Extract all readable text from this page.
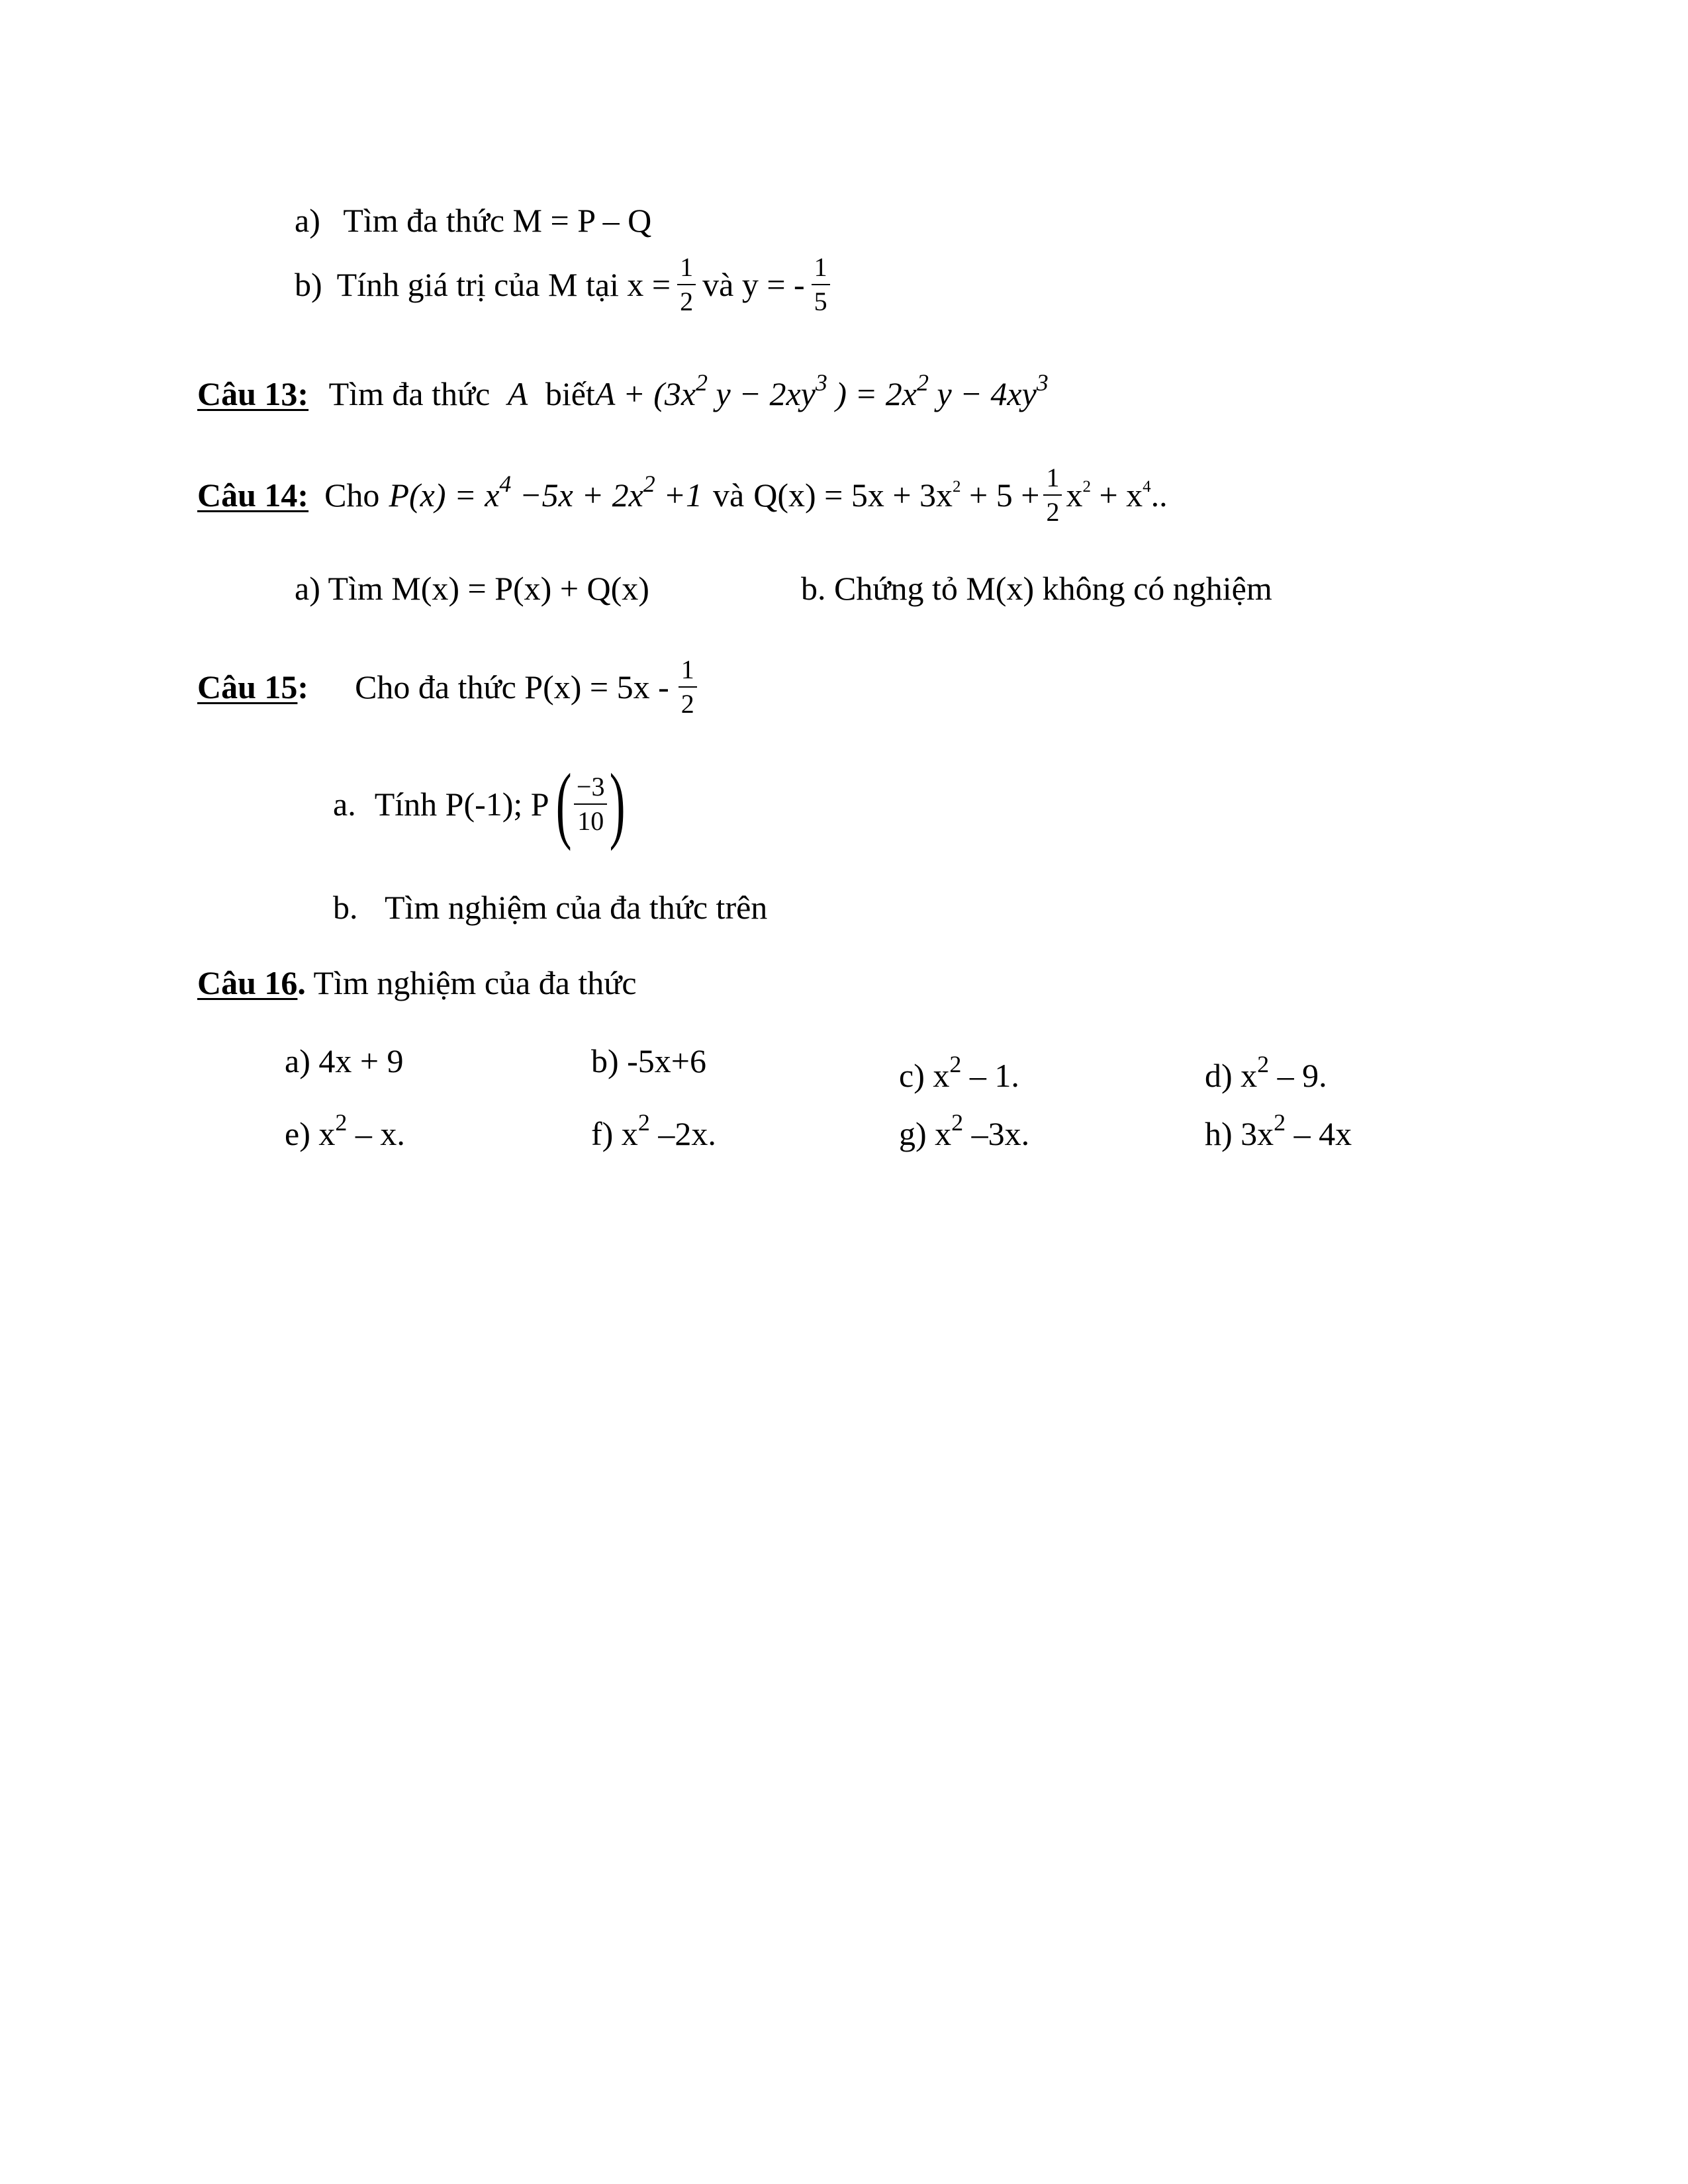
a) Tìm đa thức M = P – Q
b) Tính giá trị của M tại $x = \frac{1}{2}$ và y = - $\frac{1}{5}$
Câu 13: Tìm đa thức A biếtA + ($3x^2$ $y - 2xy^3$ ) = $2x^2$ $y - 4xy^3$
Câu 14: Cho $P(x) = x^4 -5x + 2x^2 +1$ và $Q(x) = 5x + 3x^2 + 5 + \frac{1}{2} x^2 + x^4$..
a) Tìm M(x) = P(x) + Q(x)	b. Chứng tỏ M(x) không có nghiệm
Câu 15 : Cho đa thức $P(x) = 5x - \frac{1}{2}$
a. Tính P(-1); P ( $\frac{-3}{10}$ )
b. Tìm nghiệm của đa thức trên
Câu 16. Tìm nghiệm của đa thức
a) 4x + 9	b) -5x+6	c) $x^2 - 1$.	d) $x^2 - 9$.
e) $x^2$ – x.	f) $x^2$ –2x.	g) $x^2$ –3x.	h) $3x^2 - 4x$
